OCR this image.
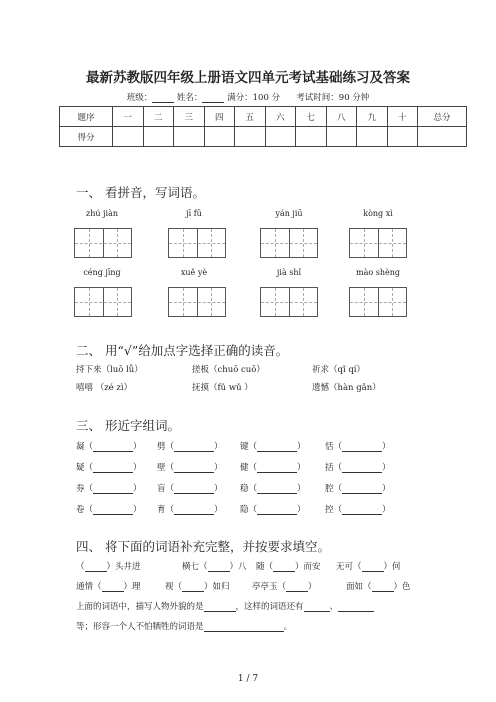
最新苏教版四年级上册语文四单元考试基础练习及答案
班级：	姓名：	满分：100 分 考试时间：90 分钟
题序	一	二	三	四	五	六	七	八	九	十	总分
得分											
一、 看拼音，写词语。
zhú jiàn	jī fū	yán jiū	kòng xì
céng jīng	xuě yè	jià shǐ	mào shèng
二、 用“√”给加点字选择正确的读音。
捋下来（luō lǚ）	搓板（chuō cuō）	祈求（qǐ qí）
嘻嘻 （zé zì）	抚摸（fǔ wǔ ）	遗憾（hàn gǎn）
三、 形近字组词。
凝（	） 劈（	） 键（	） 恬（	）
疑（	） 壁（	） 健（	） 括（	）
券（	） 盲（	） 稳（	） 腔（	）
卷（	） 育（	） 隐（	） 控（	）
四、 将下面的词语补充完整，并按要求填空。
（	）头井进	横七（	）八 随（	）而安 无可（	）何
通情（	）理	视（	）如归	亭亭玉（	）	面如（	）色
上面的词语中，描写人物外貌的是	，这样的词语还有	、
等；形容一个人不怕牺牲的词语是	。
1 / 7
